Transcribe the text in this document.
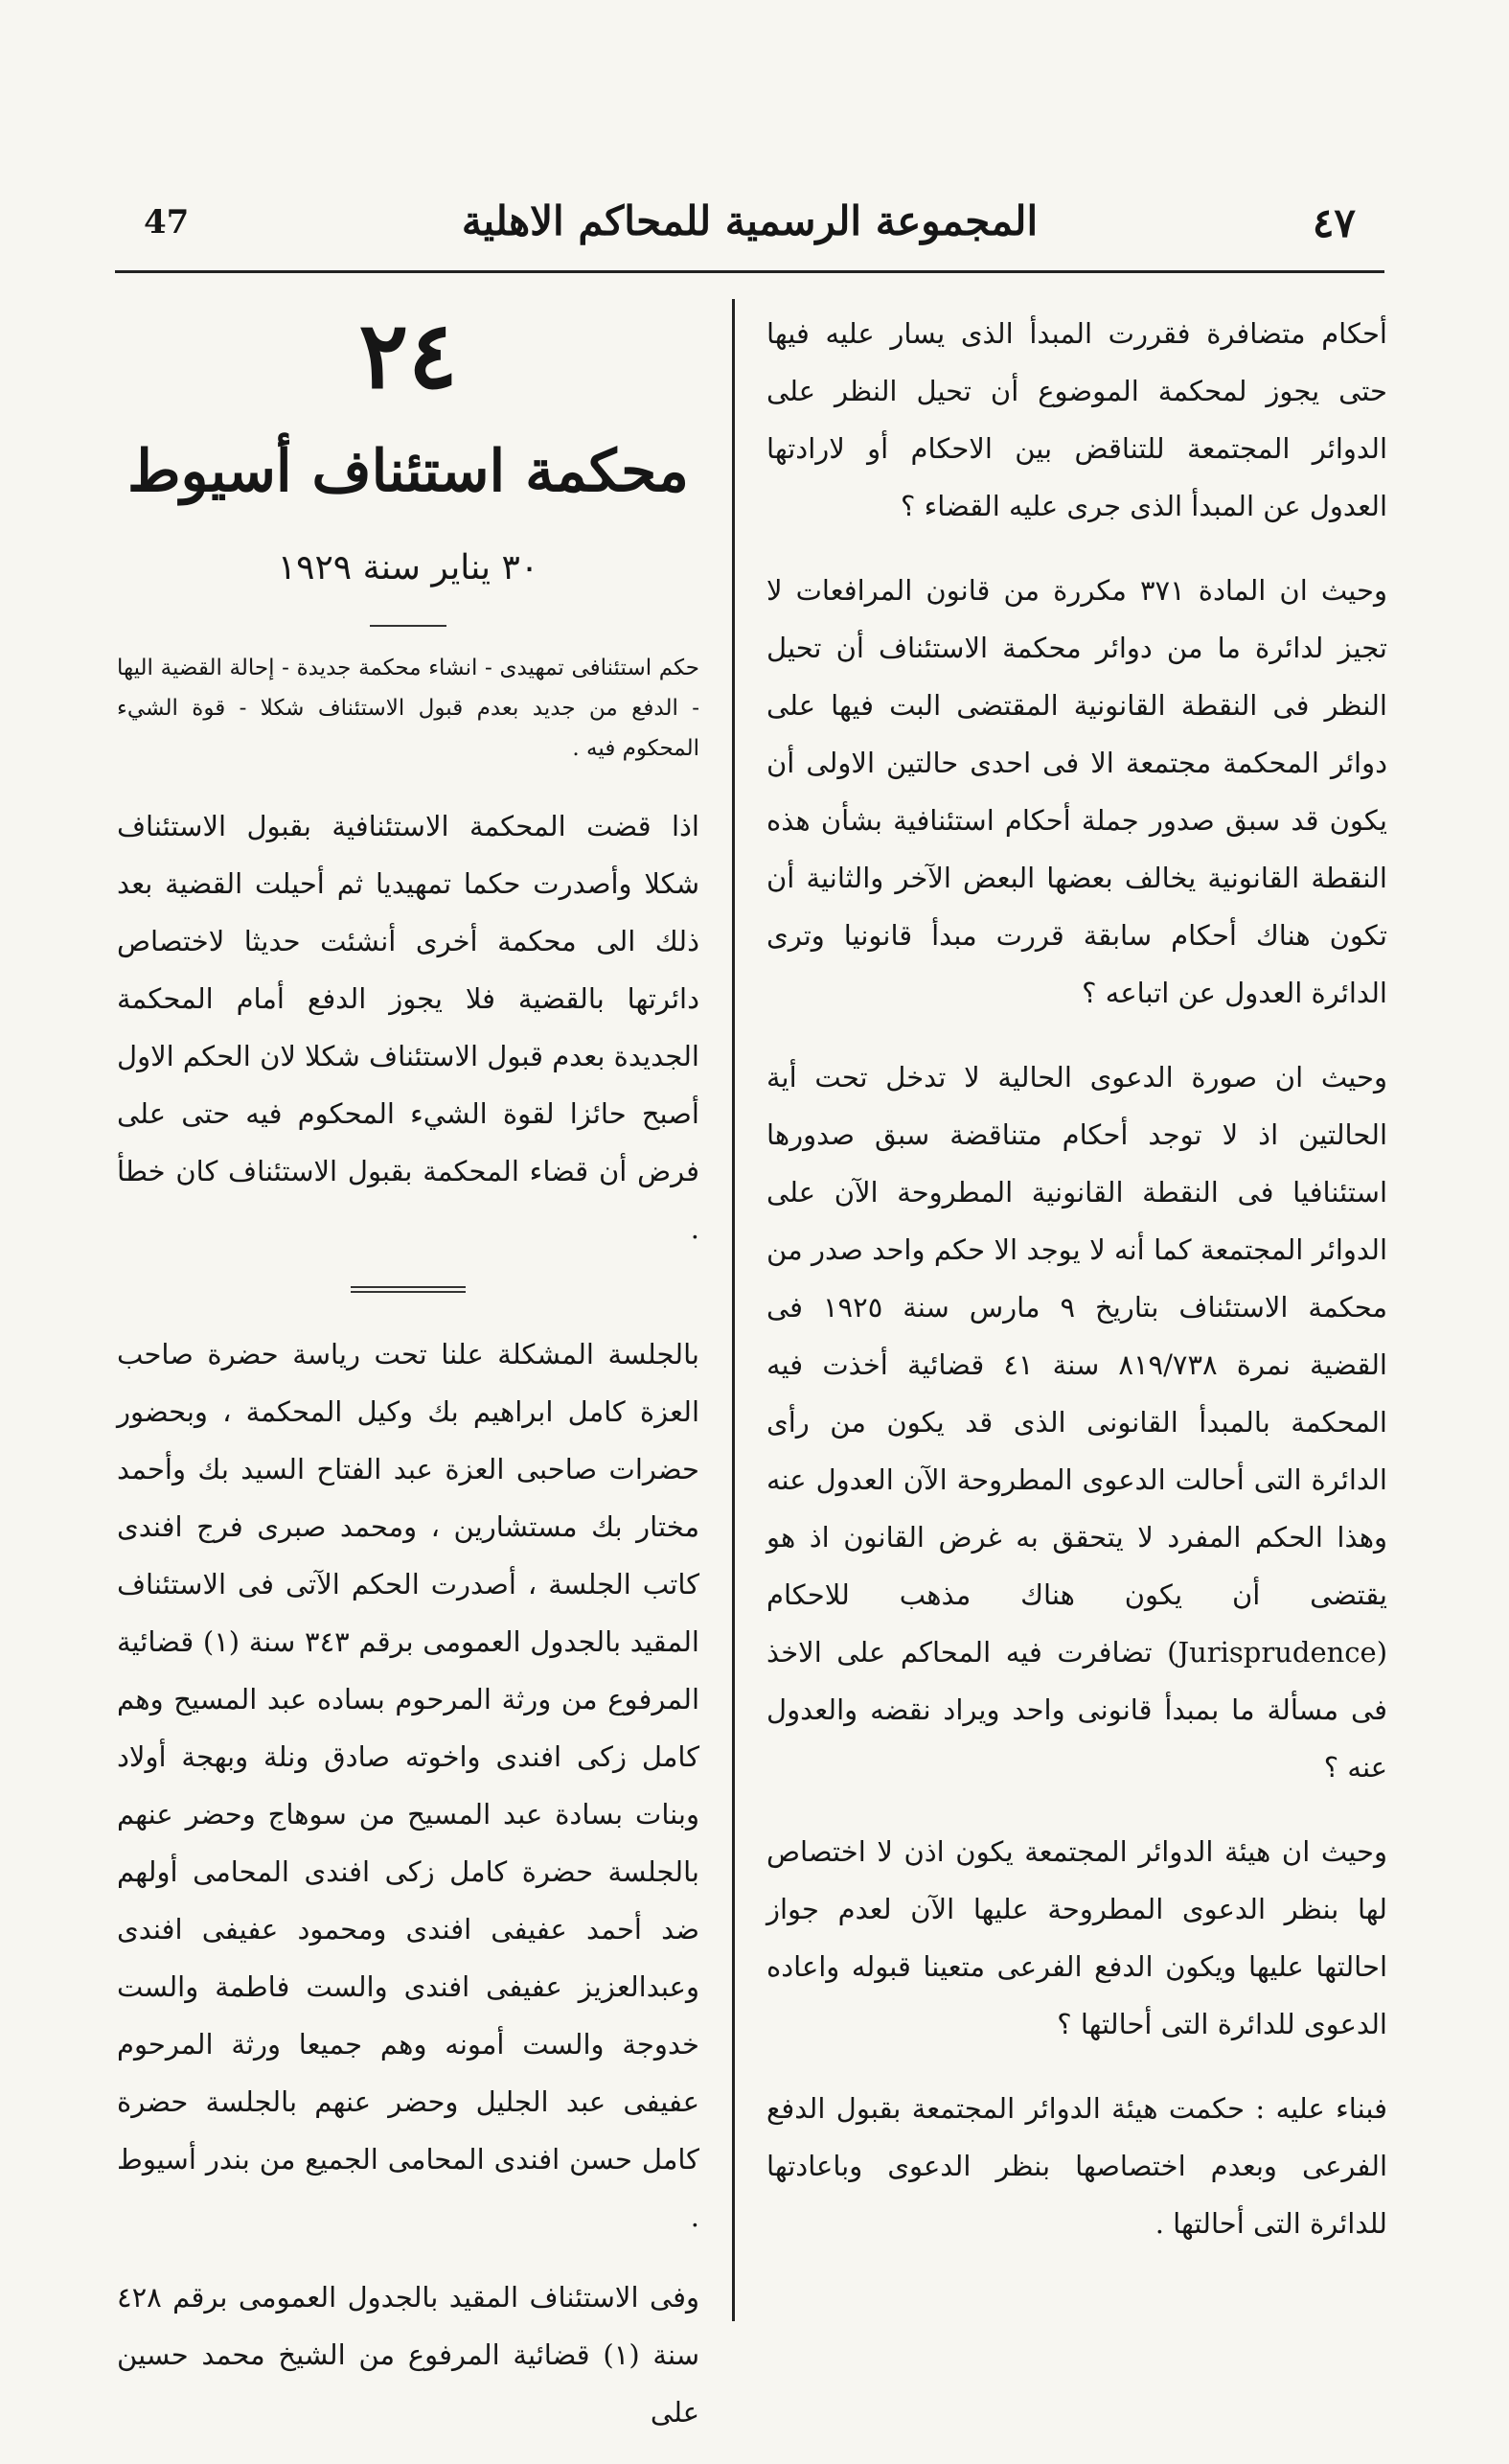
47	المجموعة الرسمية للمحاكم الاهلية	٤٧

أحكام متضافرة فقررت المبدأ الذى يسار عليه فيها حتى يجوز لمحكمة الموضوع أن تحيل النظر على الدوائر المجتمعة للتناقض بين الاحكام أو لارادتها العدول عن المبدأ الذى جرى عليه القضاء ؟

وحيث ان المادة ٣٧١ مكررة من قانون المرافعات لا تجيز لدائرة ما من دوائر محكمة الاستئناف أن تحيل النظر فى النقطة القانونية المقتضى البت فيها على دوائر المحكمة مجتمعة الا فى احدى حالتين الاولى أن يكون قد سبق صدور جملة أحكام استئنافية بشأن هذه النقطة القانونية يخالف بعضها البعض الآخر والثانية أن تكون هناك أحكام سابقة قررت مبدأ قانونيا وترى الدائرة العدول عن اتباعه ؟

وحيث ان صورة الدعوى الحالية لا تدخل تحت أية الحالتين اذ لا توجد أحكام متناقضة سبق صدورها استئنافيا فى النقطة القانونية المطروحة الآن على الدوائر المجتمعة كما أنه لا يوجد الا حكم واحد صدر من محكمة الاستئناف بتاريخ ٩ مارس سنة ١٩٢٥ فى القضية نمرة ٨١٩/٧٣٨ سنة ٤١ قضائية أخذت فيه المحكمة بالمبدأ القانونى الذى قد يكون من رأى الدائرة التى أحالت الدعوى المطروحة الآن العدول عنه وهذا الحكم المفرد لا يتحقق به غرض القانون اذ هو يقتضى أن يكون هناك مذهب للاحكام (Jurisprudence) تضافرت فيه المحاكم على الاخذ فى مسألة ما بمبدأ قانونى واحد ويراد نقضه والعدول عنه ؟

وحيث ان هيئة الدوائر المجتمعة يكون اذن لا اختصاص لها بنظر الدعوى المطروحة عليها الآن لعدم جواز احالتها عليها ويكون الدفع الفرعى متعينا قبوله واعاده الدعوى للدائرة التى أحالتها ؟

فبناء عليه : حكمت هيئة الدوائر المجتمعة بقبول الدفع الفرعى وبعدم اختصاصها بنظر الدعوى وباعادتها للدائرة التى أحالتها .

٢٤

محكمة استئناف أسيوط

٣٠ يناير سنة ١٩٢٩

حكم استئنافى تمهيدى - انشاء محكمة جديدة - إحالة القضية اليها - الدفع من جديد بعدم قبول الاستئناف شكلا - قوة الشيء المحكوم فيه .

اذا قضت المحكمة الاستئنافية بقبول الاستئناف شكلا وأصدرت حكما تمهيديا ثم أحيلت القضية بعد ذلك الى محكمة أخرى أنشئت حديثا لاختصاص دائرتها بالقضية فلا يجوز الدفع أمام المحكمة الجديدة بعدم قبول الاستئناف شكلا لان الحكم الاول أصبح حائزا لقوة الشيء المحكوم فيه حتى على فرض أن قضاء المحكمة بقبول الاستئناف كان خطأ .

بالجلسة المشكلة علنا تحت رياسة حضرة صاحب العزة كامل ابراهيم بك وكيل المحكمة ، وبحضور حضرات صاحبى العزة عبد الفتاح السيد بك وأحمد مختار بك مستشارين ، ومحمد صبرى فرج افندى كاتب الجلسة ، أصدرت الحكم الآتى فى الاستئناف المقيد بالجدول العمومى برقم ٣٤٣ سنة (١) قضائية المرفوع من ورثة المرحوم بساده عبد المسيح وهم كامل زكى افندى واخوته صادق ونلة وبهجة أولاد وبنات بسادة عبد المسيح من سوهاج وحضر عنهم بالجلسة حضرة كامل زكى افندى المحامى أولهم ضد أحمد عفيفى افندى ومحمود عفيفى افندى وعبدالعزيز عفيفى افندى والست فاطمة والست خدوجة والست أمونه وهم جميعا ورثة المرحوم عفيفى عبد الجليل وحضر عنهم بالجلسة حضرة كامل حسن افندى المحامى الجميع من بندر أسيوط .

وفى الاستئناف المقيد بالجدول العمومى برقم ٤٢٨ سنة (١) قضائية المرفوع من الشيخ محمد حسين على
